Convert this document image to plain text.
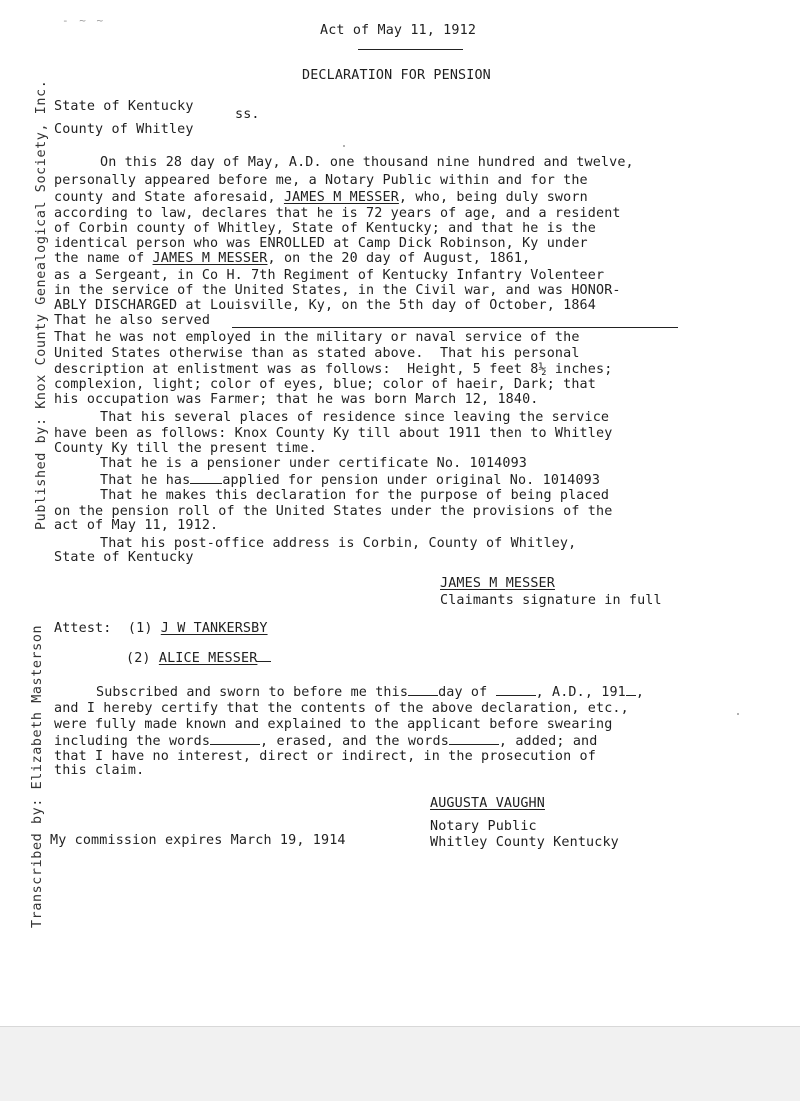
- ~ ~
Act of May 11, 1912
DECLARATION FOR PENSION
State of Kentucky
ss.
County of Whitley
On this 28 day of May, A.D. one thousand nine hundred and twelve,
personally appeared before me, a Notary Public within and for the
county and State aforesaid, JAMES M MESSER, who, being duly sworn
according to law, declares that he is 72 years of age, and a resident
of Corbin county of Whitley, State of Kentucky; and that he is the
identical person who was ENROLLED at Camp Dick Robinson, Ky under
the name of JAMES M MESSER, on the 20 day of August, 1861,
as a Sergeant, in Co H. 7th Regiment of Kentucky Infantry Volenteer
in the service of the United States, in the Civil war, and was HONOR-
ABLY DISCHARGED at Louisville, Ky, on the 5th day of October, 1864
That he also served
That he was not employed in the military or naval service of the
United States otherwise than as stated above.  That his personal
description at enlistment was as follows:  Height, 5 feet 8½ inches;
complexion, light; color of eyes, blue; color of haeir, Dark; that
his occupation was Farmer; that he was born March 12, 1840.
That his several places of residence since leaving the service
have been as follows: Knox County Ky till about 1911 then to Whitley
County Ky till the present time.
That he is a pensioner under certificate No. 1014093
That he has applied for pension under original No. 1014093
That he makes this declaration for the purpose of being placed
on the pension roll of the United States under the provisions of the
act of May 11, 1912.
That his post-office address is Corbin, County of Whitley,
State of Kentucky
JAMES M MESSER
Claimants signature in full
Attest: (1) J W TANKERSBY
(2) ALICE MESSER
Subscribed and sworn to before me this day of	, A.D., 191 ,
and I hereby certify that the contents of the above declaration, etc.,
were fully made known and explained to the applicant before swearing
including the words	, erased, and the words	, added; and
that I have no interest, direct or indirect, in the prosecution of
this claim.
AUGUSTA VAUGHN
Notary Public
Whitley County Kentucky
My commission expires March 19, 1914
Published by: Knox County Genealogical Society, Inc.
Transcribed by: Elizabeth Masterson
